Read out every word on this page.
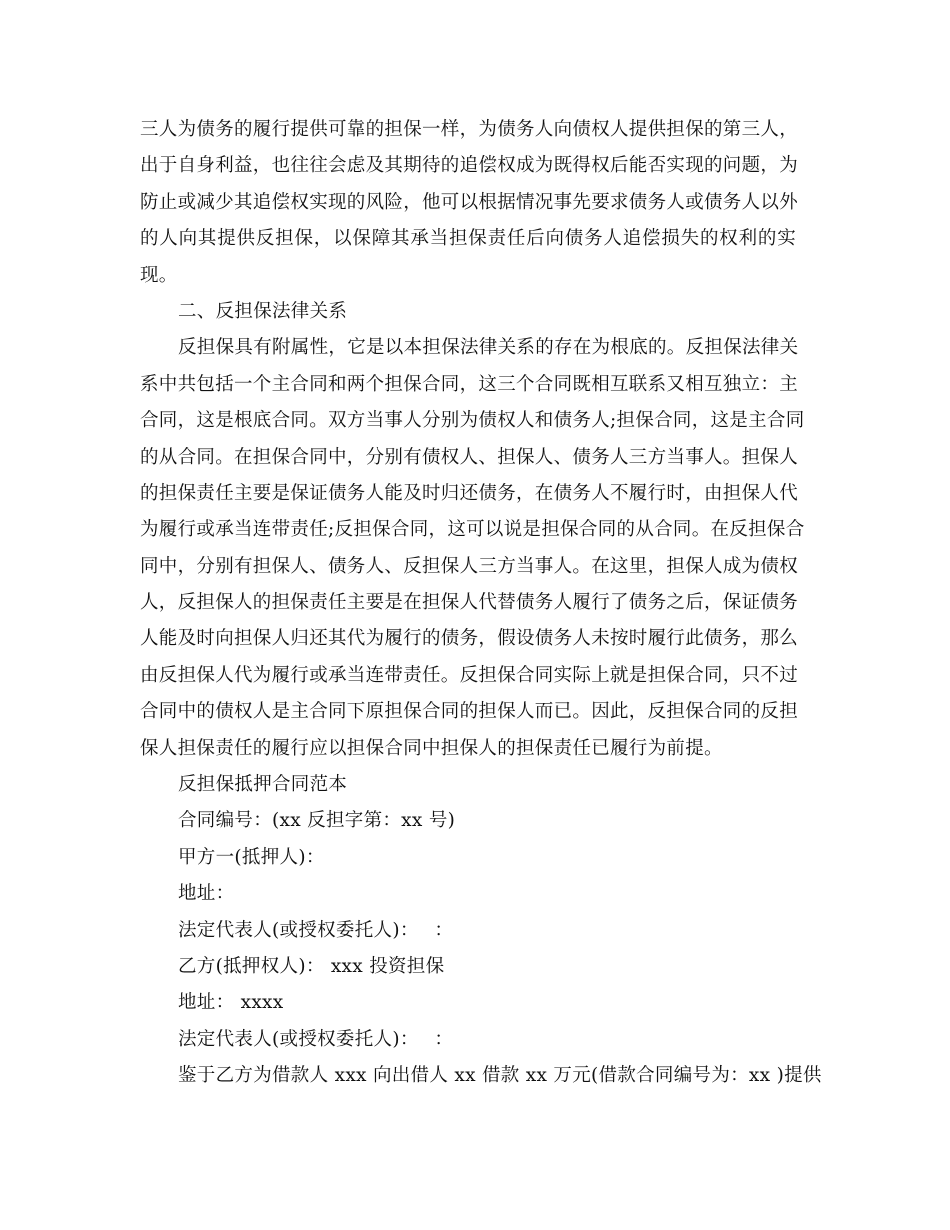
三人为债务的履行提供可靠的担保一样，为债务人向债权人提供担保的第三人，
出于自身利益，也往往会虑及其期待的追偿权成为既得权后能否实现的问题，为
防止或减少其追偿权实现的风险，他可以根据情况事先要求债务人或债务人以外
的人向其提供反担保，以保障其承当担保责任后向债务人追偿损失的权利的实
现。
二、反担保法律关系
反担保具有附属性，它是以本担保法律关系的存在为根底的。反担保法律关
系中共包括一个主合同和两个担保合同，这三个合同既相互联系又相互独立：主
合同，这是根底合同。双方当事人分别为债权人和债务人;担保合同，这是主合同
的从合同。在担保合同中，分别有债权人、担保人、债务人三方当事人。担保人
的担保责任主要是保证债务人能及时归还债务，在债务人不履行时，由担保人代
为履行或承当连带责任;反担保合同，这可以说是担保合同的从合同。在反担保合
同中，分别有担保人、债务人、反担保人三方当事人。在这里，担保人成为债权
人，反担保人的担保责任主要是在担保人代替债务人履行了债务之后，保证债务
人能及时向担保人归还其代为履行的债务，假设债务人未按时履行此债务，那么
由反担保人代为履行或承当连带责任。反担保合同实际上就是担保合同，只不过
合同中的债权人是主合同下原担保合同的担保人而已。因此，反担保合同的反担
保人担保责任的履行应以担保合同中担保人的担保责任已履行为前提。
反担保抵押合同范本
合同编号：(xx 反担字第：xx 号)
甲方一(抵押人)：
地址：
法定代表人(或授权委托人)：　 ：
乙方(抵押权人)： xxx 投资担保
地址： xxxx
法定代表人(或授权委托人)：　 ：
鉴于乙方为借款人 xxx 向出借人 xx 借款 xx 万元(借款合同编号为：xx )提供
